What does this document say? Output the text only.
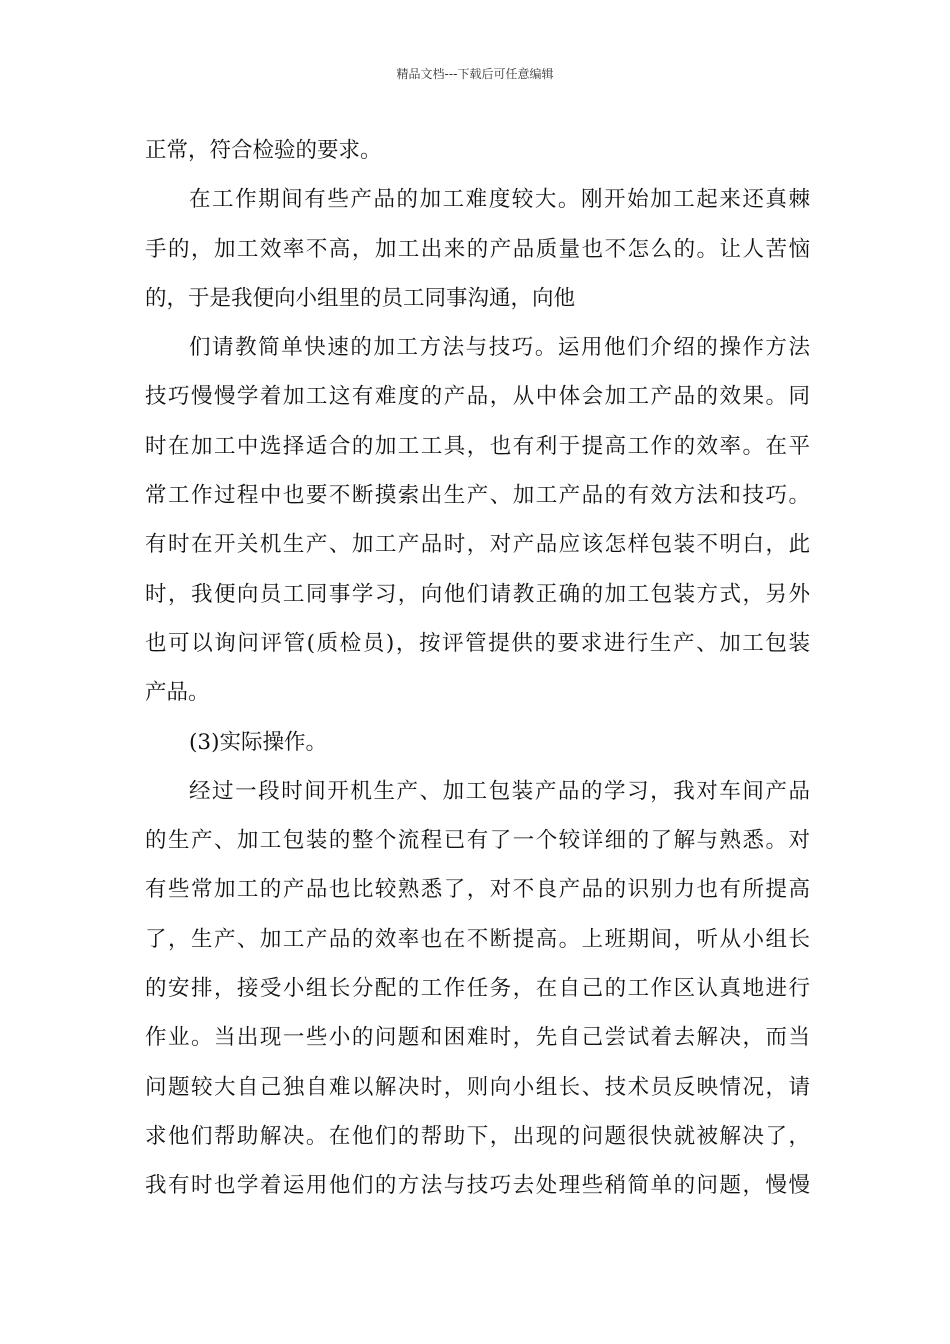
精品文档---下载后可任意编辑
正常，符合检验的要求。
在工作期间有些产品的加工难度较大。刚开始加工起来还真棘
手的，加工效率不高，加工出来的产品质量也不怎么的。让人苦恼
的，于是我便向小组里的员工同事沟通，向他
们请教简单快速的加工方法与技巧。运用他们介绍的操作方法
技巧慢慢学着加工这有难度的产品，从中体会加工产品的效果。同
时在加工中选择适合的加工工具，也有利于提高工作的效率。在平
常工作过程中也要不断摸索出生产、加工产品的有效方法和技巧。
有时在开关机生产、加工产品时，对产品应该怎样包装不明白，此
时，我便向员工同事学习，向他们请教正确的加工包装方式，另外
也可以询问评管(质检员)，按评管提供的要求进行生产、加工包装
产品。
(3)实际操作。
经过一段时间开机生产、加工包装产品的学习，我对车间产品
的生产、加工包装的整个流程已有了一个较详细的了解与熟悉。对
有些常加工的产品也比较熟悉了，对不良产品的识别力也有所提高
了，生产、加工产品的效率也在不断提高。上班期间，听从小组长
的安排，接受小组长分配的工作任务，在自己的工作区认真地进行
作业。当出现一些小的问题和困难时，先自己尝试着去解决，而当
问题较大自己独自难以解决时，则向小组长、技术员反映情况，请
求他们帮助解决。在他们的帮助下，出现的问题很快就被解决了，
我有时也学着运用他们的方法与技巧去处理些稍简单的问题，慢慢
